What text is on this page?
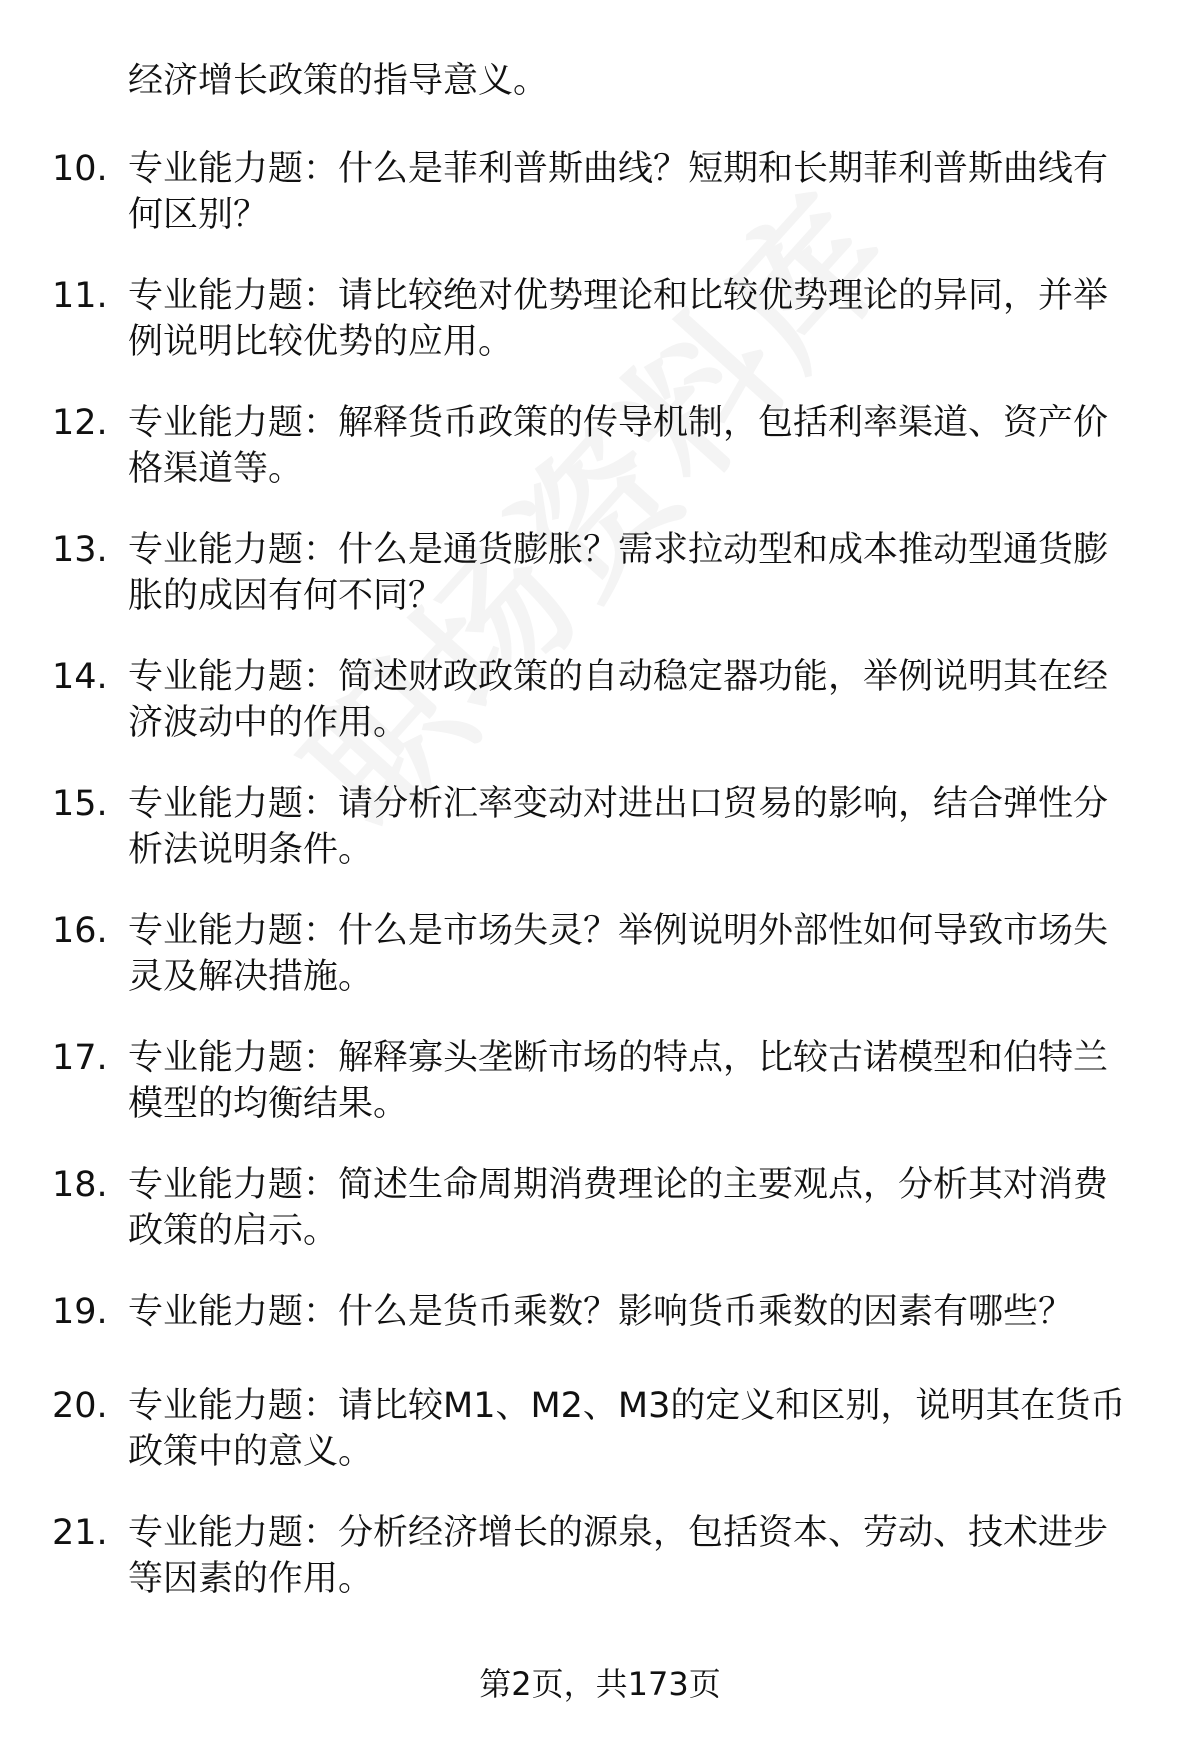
经济增长政策的指导意义。

10. 专业能力题：什么是菲利普斯曲线？短期和长期菲利普斯曲线有何区别？
11. 专业能力题：请比较绝对优势理论和比较优势理论的异同，并举例说明比较优势的应用。
12. 专业能力题：解释货币政策的传导机制，包括利率渠道、资产价格渠道等。
13. 专业能力题：什么是通货膨胀？需求拉动型和成本推动型通货膨胀的成因有何不同？
14. 专业能力题：简述财政政策的自动稳定器功能，举例说明其在经济波动中的作用。
15. 专业能力题：请分析汇率变动对进出口贸易的影响，结合弹性分析法说明条件。
16. 专业能力题：什么是市场失灵？举例说明外部性如何导致市场失灵及解决措施。
17. 专业能力题：解释寡头垄断市场的特点，比较古诺模型和伯特兰模型的均衡结果。
18. 专业能力题：简述生命周期消费理论的主要观点，分析其对消费政策的启示。
19. 专业能力题：什么是货币乘数？影响货币乘数的因素有哪些？
20. 专业能力题：请比较M1、M2、M3的定义和区别，说明其在货币政策中的意义。
21. 专业能力题：分析经济增长的源泉，包括资本、劳动、技术进步等因素的作用。
第2页，共173页
